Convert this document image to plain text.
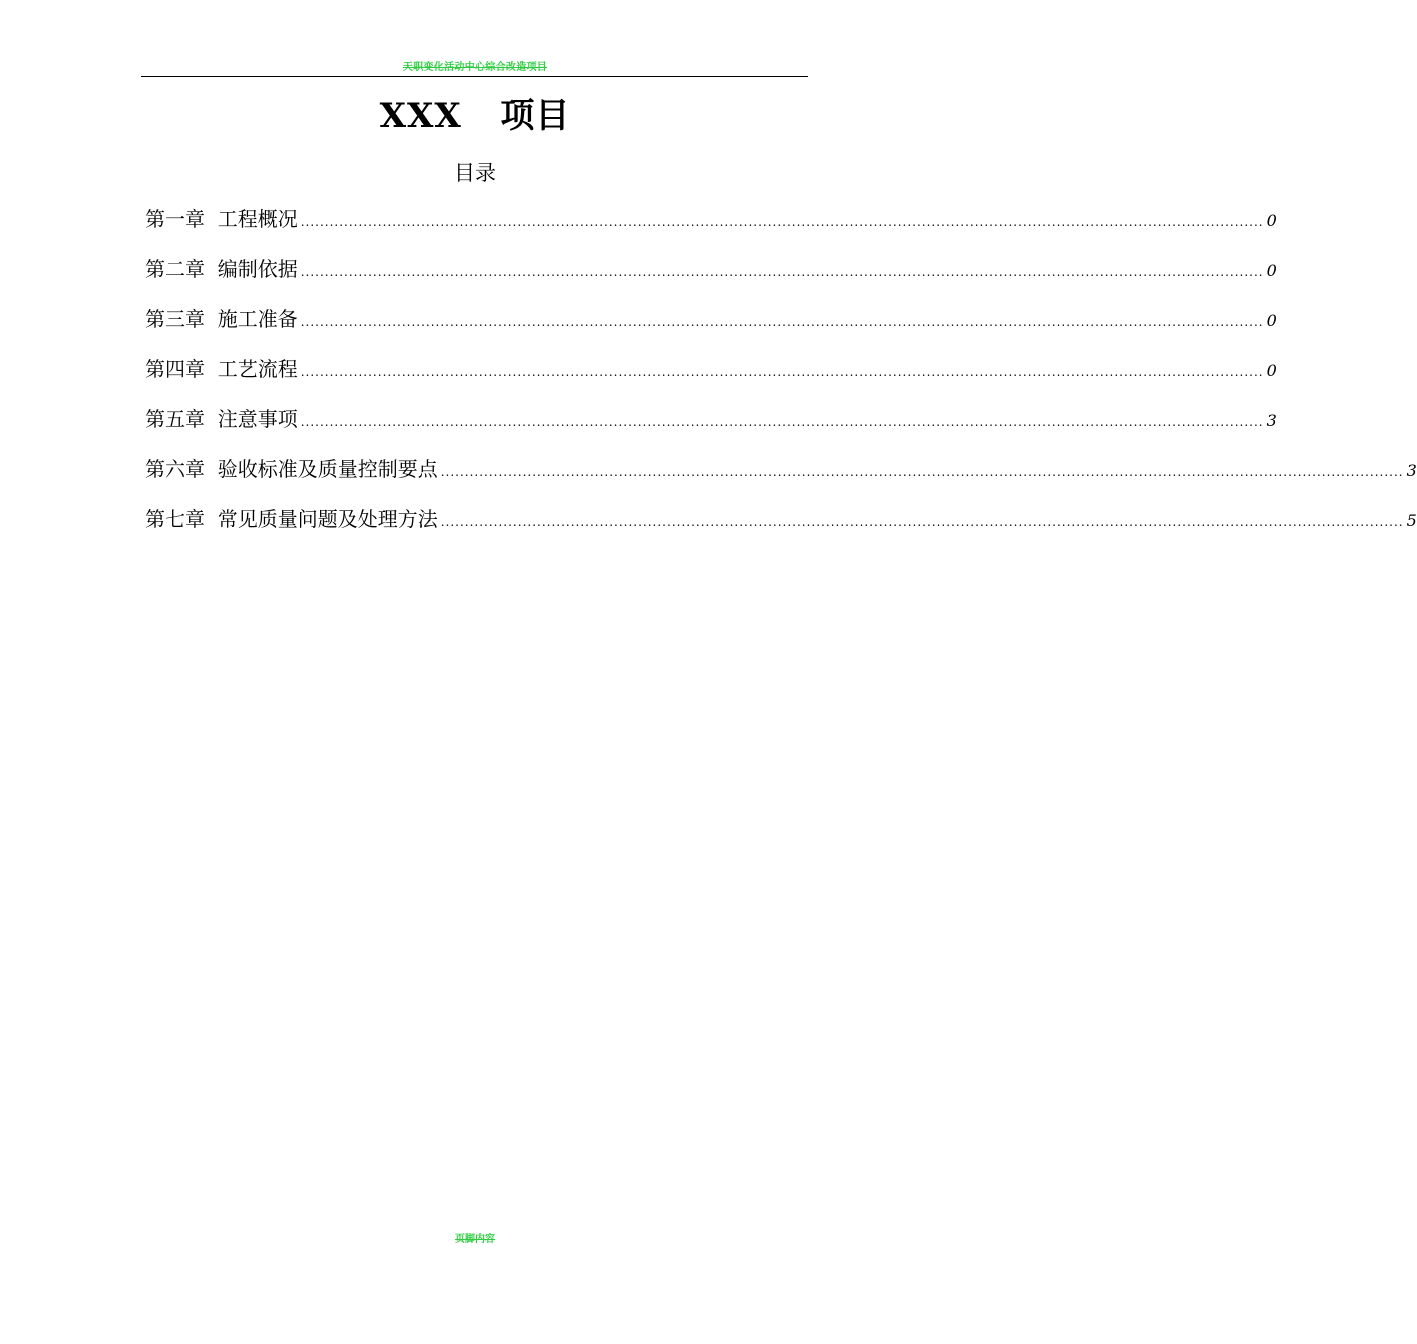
天职变化活动中心综合改造项目
XXX   项目
目录
第一章  工程概况 ........................................................................................................................................................................................................ 0
第二章  编制依据 ........................................................................................................................................................................................................ 0
第三章  施工准备 ........................................................................................................................................................................................................ 0
第四章  工艺流程 ........................................................................................................................................................................................................ 0
第五章  注意事项 ........................................................................................................................................................................................................ 3
第六章  验收标准及质量控制要点 ........................................................................................................................................................................................................ 3
第七章  常见质量问题及处理方法 ........................................................................................................................................................................................................ 5
页脚内容
